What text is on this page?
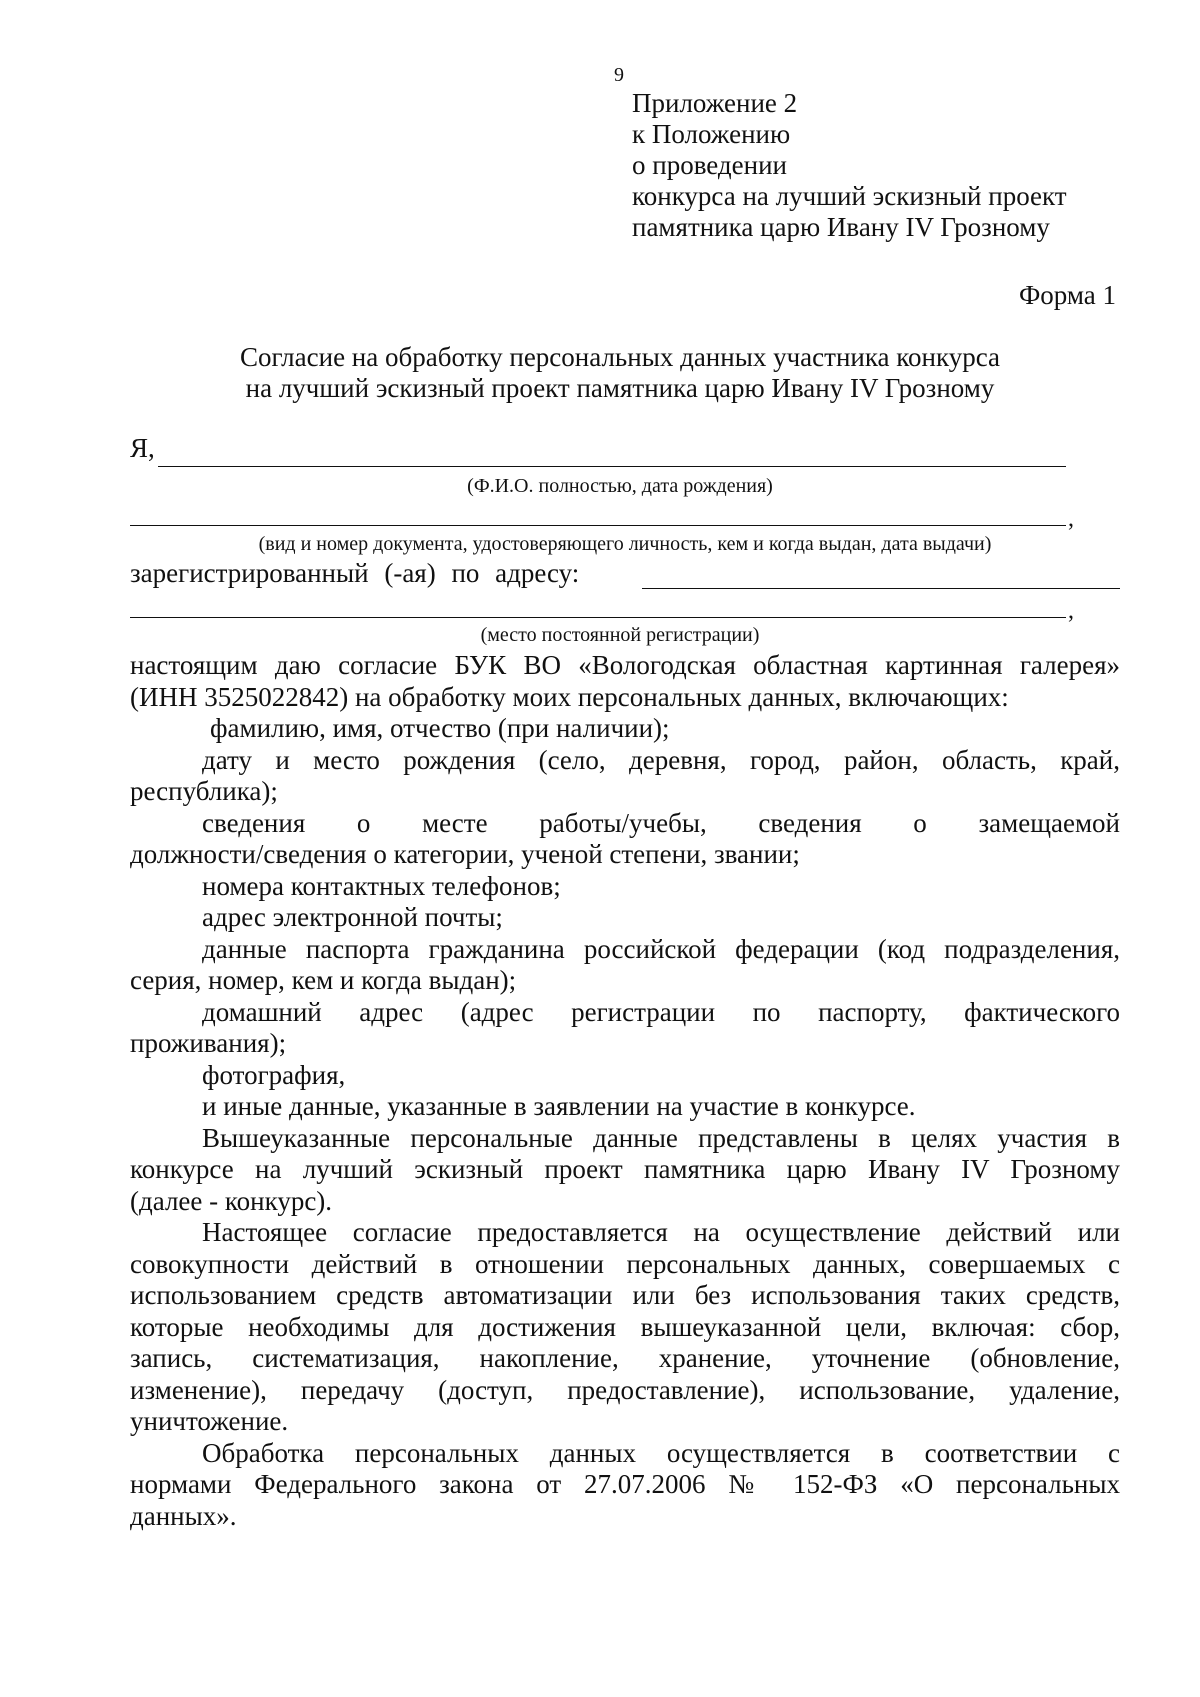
9
Приложение 2
к Положению
о проведении
конкурса на лучший эскизный проект
памятника царю Ивану IV Грозному
Форма 1
Согласие на обработку персональных данных участника конкурса
на лучший эскизный проект памятника царю Ивану IV Грозному
Я,
(Ф.И.О. полностью, дата рождения)
,
(вид и номер документа, удостоверяющего личность, кем и когда выдан, дата выдачи)
зарегистрированный (-ая) по адресу:
,
(место постоянной регистрации)
настоящим даю согласие БУК ВО «Вологодская областная картинная галерея»
(ИНН 3525022842) на обработку моих персональных данных, включающих:
фамилию, имя, отчество (при наличии);
дату и место рождения (село, деревня, город, район, область, край,
республика);
сведения о месте работы/учебы, сведения о замещаемой
должности/сведения о категории, ученой степени, звании;
номера контактных телефонов;
адрес электронной почты;
данные паспорта гражданина российской федерации (код подразделения,
серия, номер, кем и когда выдан);
домашний адрес (адрес регистрации по паспорту, фактического
проживания);
фотография,
и иные данные, указанные в заявлении на участие в конкурсе.
Вышеуказанные персональные данные представлены в целях участия в
конкурсе на лучший эскизный проект памятника царю Ивану IV Грозному
(далее - конкурс).
Настоящее согласие предоставляется на осуществление действий или
совокупности действий в отношении персональных данных, совершаемых с
использованием средств автоматизации или без использования таких средств,
которые необходимы для достижения вышеуказанной цели, включая: сбор,
запись, систематизация, накопление, хранение, уточнение (обновление,
изменение), передачу (доступ, предоставление), использование, удаление,
уничтожение.
Обработка персональных данных осуществляется в соответствии с
нормами Федерального закона от 27.07.2006 № 152-ФЗ «О персональных
данных».
